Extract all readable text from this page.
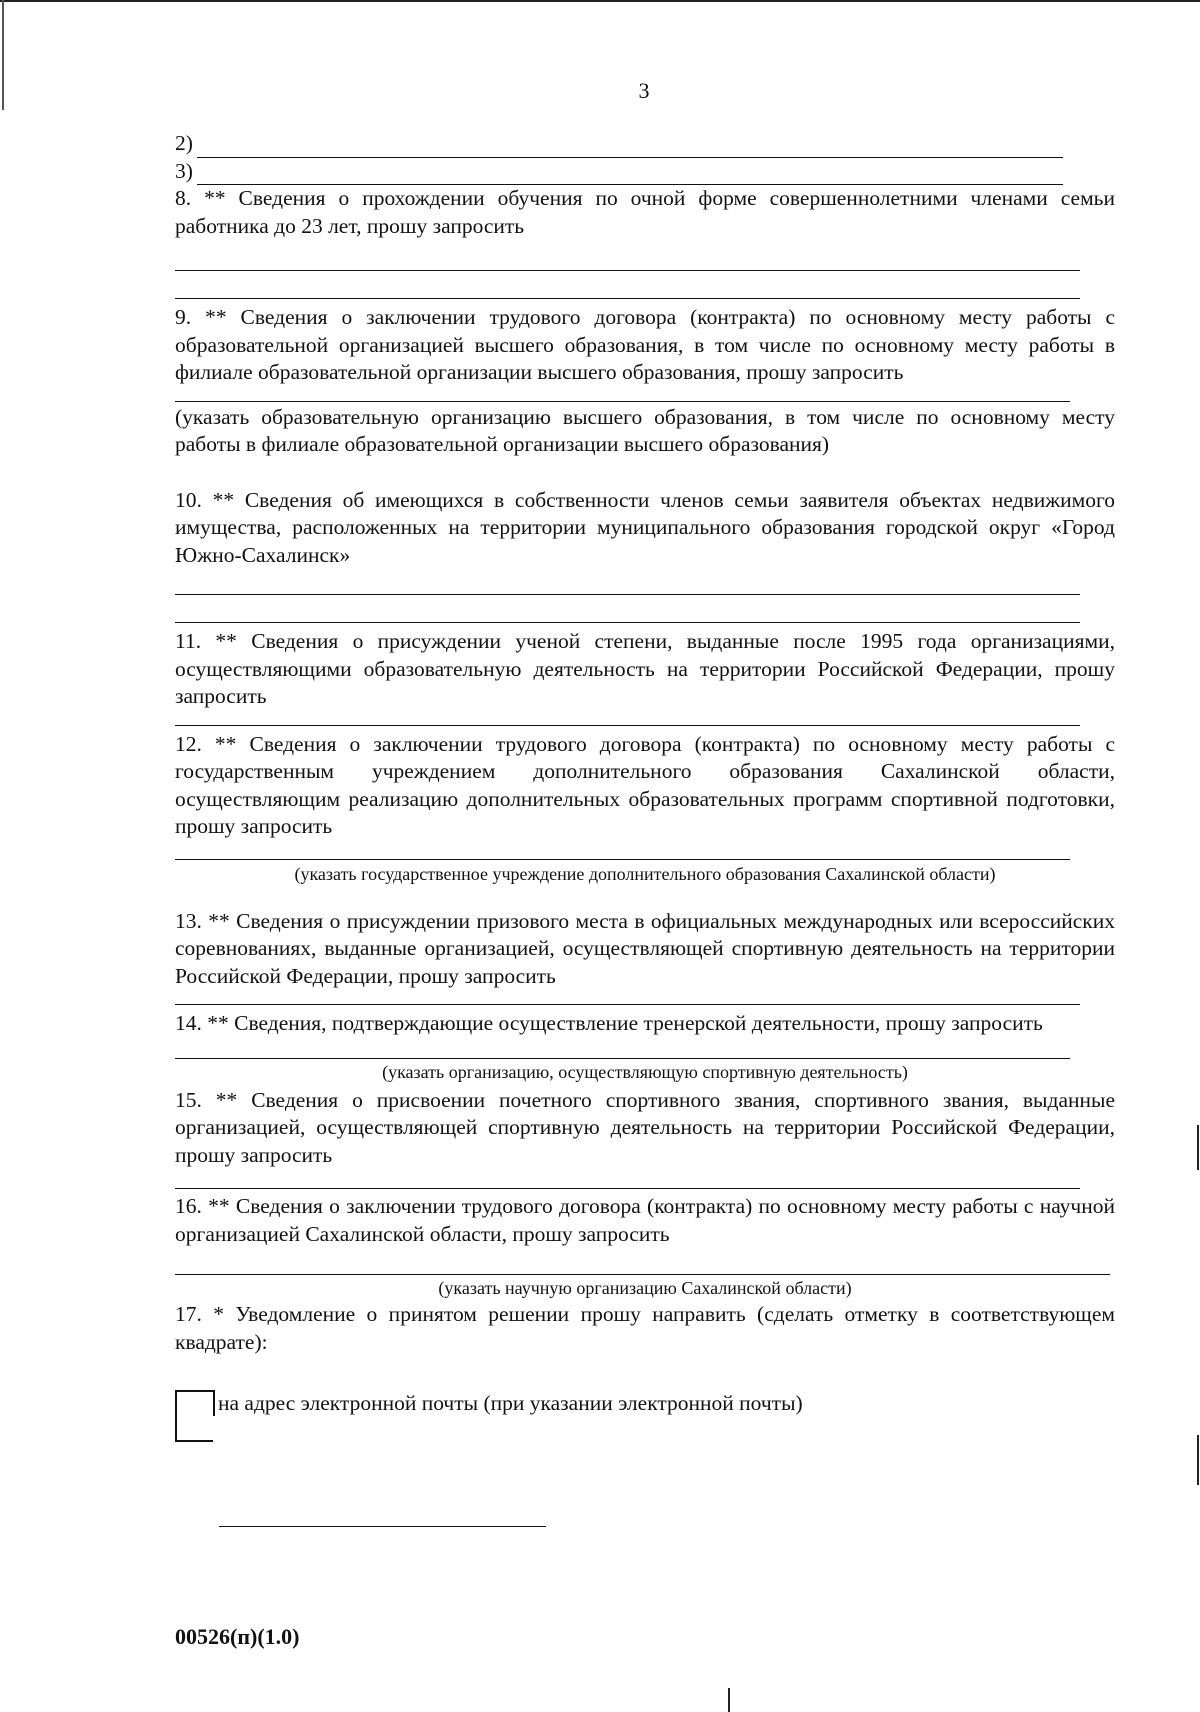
3
2)
3)

8. ** Сведения о прохождении обучения по очной форме совершеннолетними членами семьи работника до 23 лет, прошу запросить

9. ** Сведения о заключении трудового договора (контракта) по основному месту работы с образовательной организацией высшего образования, в том числе по основному месту работы в филиале образовательной организации высшего образования, прошу запросить

(указать образовательную организацию высшего образования, в том числе по основному месту работы в филиале образовательной организации высшего образования)

10. ** Сведения об имеющихся в собственности членов семьи заявителя объектах недвижимого имущества, расположенных на территории муниципального образования городской округ «Город Южно-Сахалинск»

11. ** Сведения о присуждении ученой степени, выданные после 1995 года организациями, осуществляющими образовательную деятельность на территории Российской Федерации, прошу запросить

12. ** Сведения о заключении трудового договора (контракта) по основному месту работы с государственным учреждением дополнительного образования Сахалинской области, осуществляющим реализацию дополнительных образовательных программ спортивной подготовки, прошу запросить

(указать государственное учреждение дополнительного образования Сахалинской области)

13. ** Сведения о присуждении призового места в официальных международных или всероссийских соревнованиях, выданные организацией, осуществляющей спортивную деятельность на территории Российской Федерации, прошу запросить

14. ** Сведения, подтверждающие осуществление тренерской деятельности, прошу запросить

(указать организацию, осуществляющую спортивную деятельность)

15. ** Сведения о присвоении почетного спортивного звания, спортивного звания, выданные организацией, осуществляющей спортивную деятельность на территории Российской Федерации, прошу запросить

16. ** Сведения о заключении трудового договора (контракта) по основному месту работы с научной организацией Сахалинской области, прошу запросить

(указать научную организацию Сахалинской области)

17. * Уведомление о принятом решении прошу направить (сделать отметку в соответствующем квадрате):

на адрес электронной почты (при указании электронной почты)
00526(п)(1.0)
